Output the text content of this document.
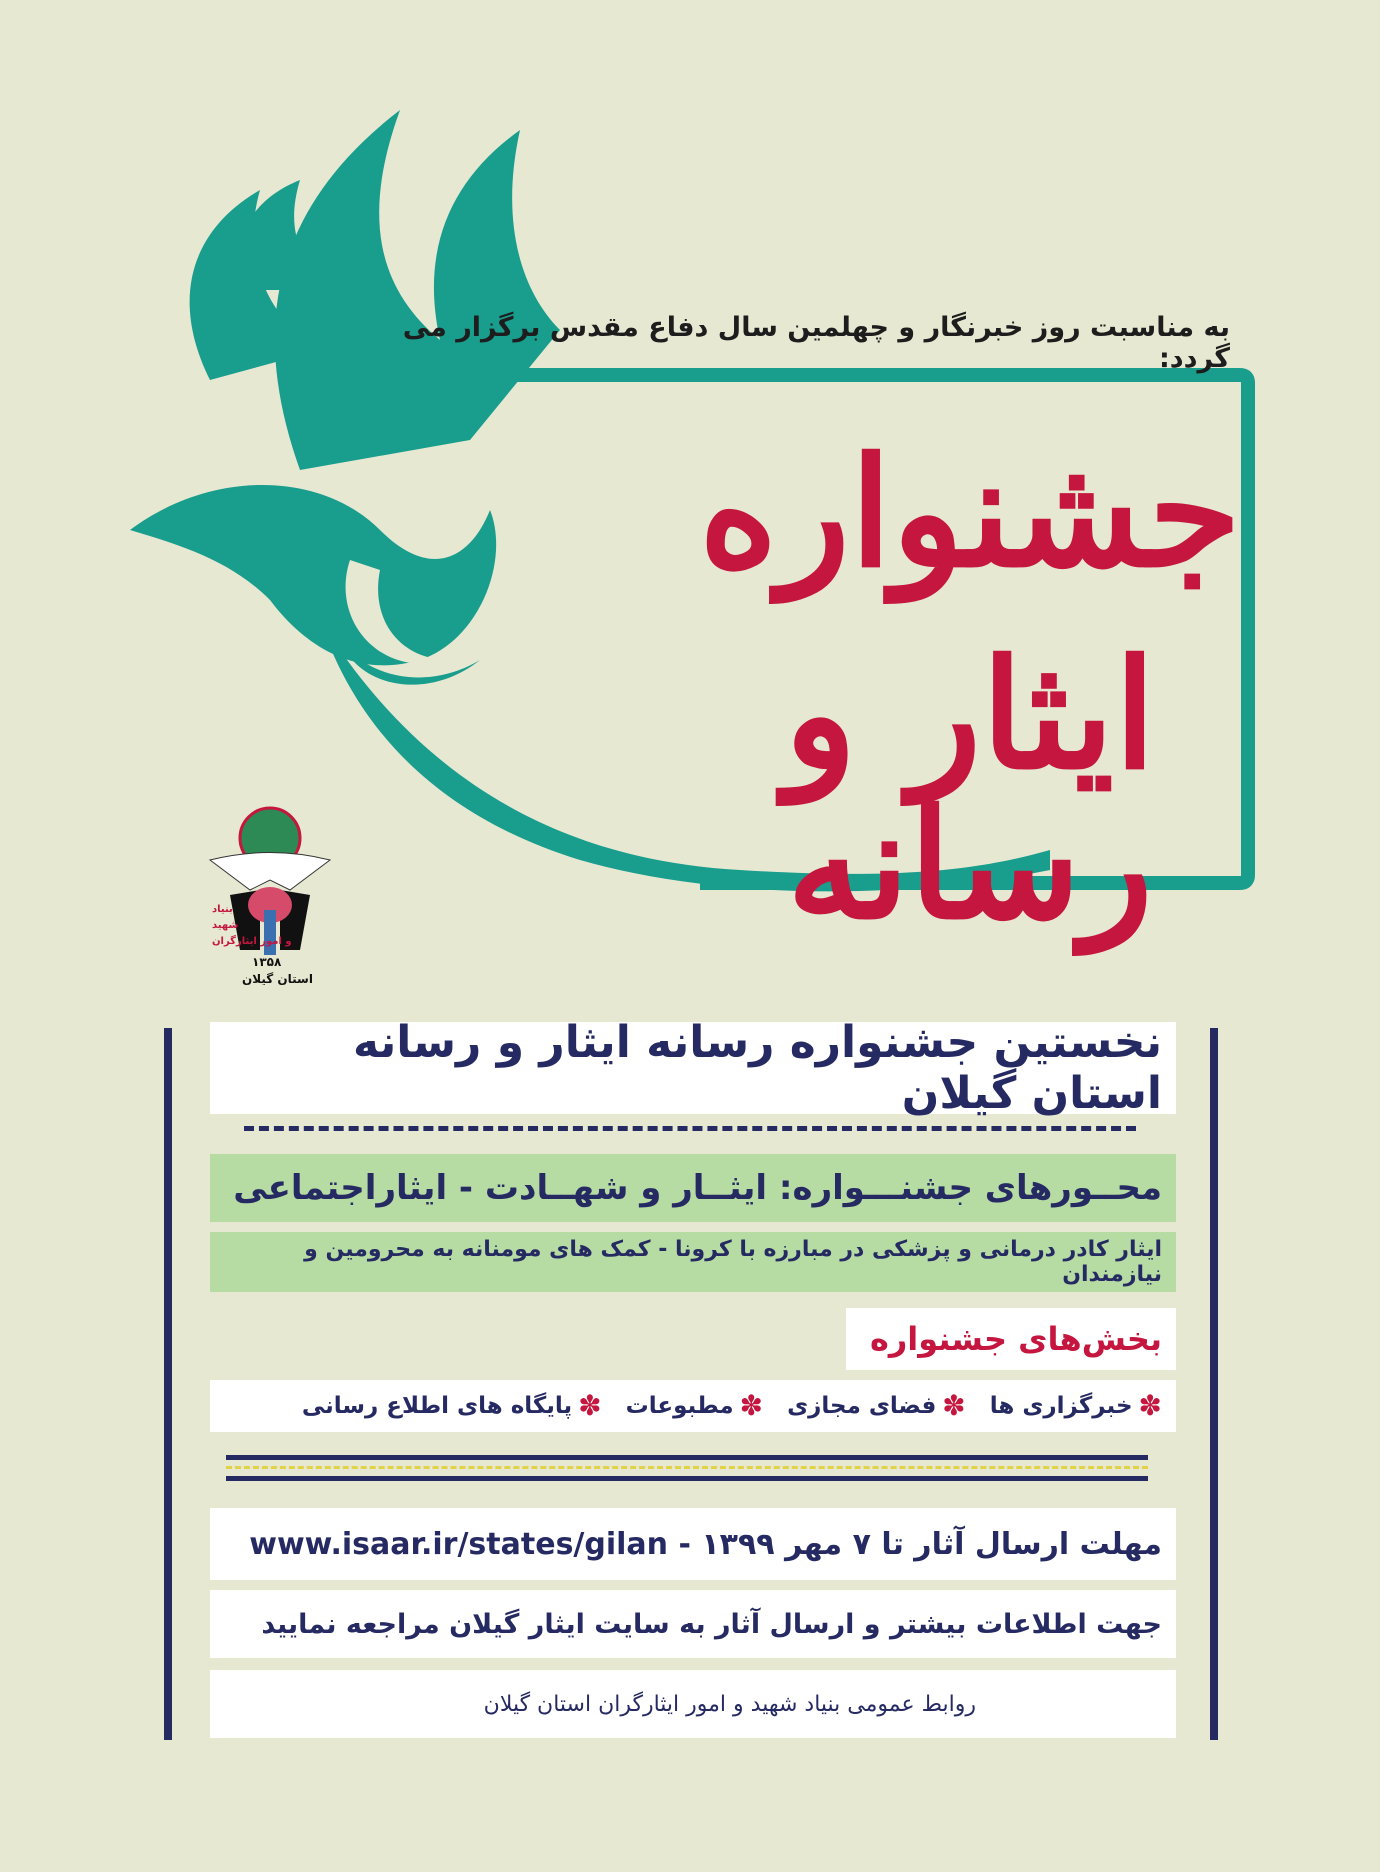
به مناسبت روز خبرنگار و چهلمین سال دفاع مقدس برگزار می گردد:
جشنواره
ایثار و رسانه
بنیاد
شهید
و امور ایثارگران
۱۳۵۸
استان گیلان
نخستین جشنواره رسانه ایثار و رسانه استان گیلان
محــورهای جشنـــواره: ایثــار و شهــادت - ایثاراجتماعی
ایثار کادر درمانی و پزشکی در مبارزه با کرونا - کمک های مومنانه به محرومین و نیازمندان
بخش‌های جشنواره
✽
خبرگزاری ها
✽
فضای مجازی
✽
مطبوعات
✽
پایگاه های اطلاع رسانی
مهلت ارسال آثار تا ۷ مهر ۱۳۹۹ - www.isaar.ir/states/gilan
جهت اطلاعات بیشتر و ارسال آثار به سایت ایثار گیلان مراجعه نمایید
روابط عمومی بنیاد شهید و امور ایثارگران استان گیلان
